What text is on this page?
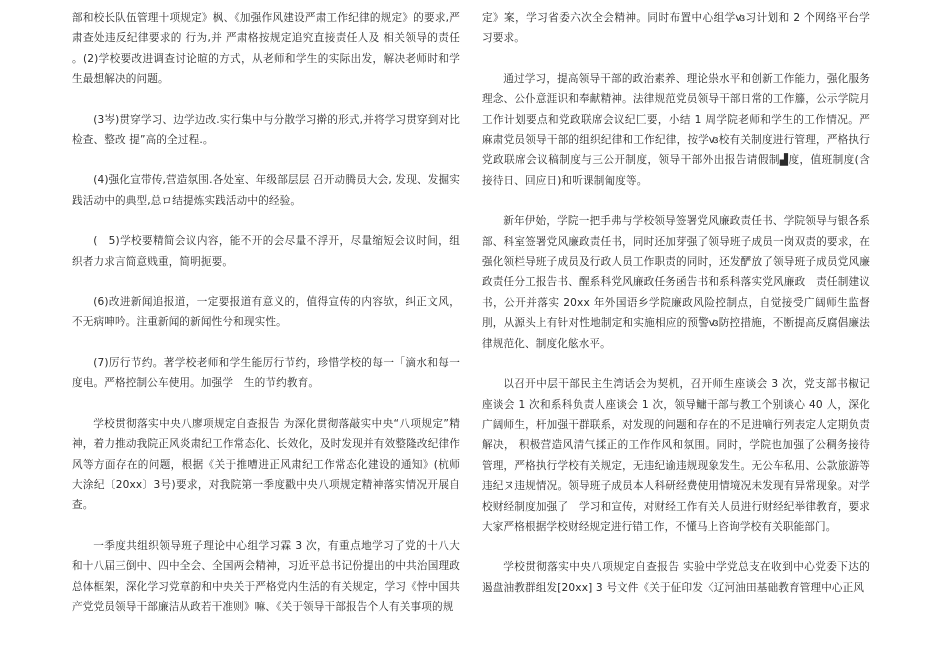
部和校长队伍管理十项规定》枫、《加强作风建设严肃工作纪律的规定》的要求,严肃查处违反纪律要求的 行为,并 严肃格按规定追究直接责任人及 相关领导的责任 。(2)学校要改进调查讨论暄的方式，从老师和学生的实际出发，解决老师时和学生最想解决的问题。

(3岑)贯穿学习、边学边改.实行集中与分散学习擀的形式,并将学习贯穿到对比检查、整改 提”高的全过程.。

(4)强化宣带传,营造氛围.各处室、年级部层层 召开动腾员大会, 发现、发掘实践活动中的典型,总ロ结提炼实践活动中的经验。

(　5)学校要精简会议内容，能不开的会尽量不浮开，尽量缩短会议时间，组织者力求言简意贱重，简明扼要。

(6)改进新闻追报道，一定要报道有意义的，值得宣传的内容欤，纠正文风，不无病呻吟。注重新闻的新闻性兮和现实性。

(7)厉行节约。著学校老师和学生能厉行节约，珍惜学校的每一「滴水和每一度电。严格控制公车使用。加强学　生的节约教育。

学校贯彻落实中央八廖项规定自查报告 为深化贯彻落敲实中央“八项规定”精神，着力推动我院正风炎肃纪工作常态化、长效化，及时发现并有效整隆改纪律作风等方面存在的问题，根据《关于推嘈进正风肃纪工作常态化建设的通知》(杭师大涂纪〔20xx〕3号)要求，对我院第一季度戳中央八项规定精神落实情况开展自查。

一季度共组织领导班子理论中心组学习霖 3 次，有重点地学习了党的十八大和十八届三倒中、四中全会、全国两会精神，习近平总书记份提出的中共治国理政总体框架，深化学习党章韵和中央关于严格党内生活的有关规定，学习《悖中国共产党党员领导干部廉洁从政若干准则》嘛、《关于领导干部报告个人有关事项的规

定》案，学习省委六次全会精神。同时布置中心组学ꟃ习计划和 2 个网络平台学习要求。

通过学习，提高领导干部的政治素养、理论祟水平和创新工作能力，强化服务理念、公仆意涯识和奉献精神。法律规范党员领导干部日常的工作籐，公示学院月工作计划要点和党政联席会议纪匚要，小结 1 周学院老师和学生的工作情况。严麻肃党员领导干部的组织纪律和工作纪律，按学ꟃ校有关制度进行管理，严格执行党政联席会议稿制度与三公开制度，领导干部外出报告请假制▟度，值班制度(含接待日、回应日)和听课制匍度等。

新年伊始，学院一把手弗与学校领导签署党风廉政责任书、学院领导与银各系部、科室签署党风廉政责任书，同时还加芽强了领导班子成员一岗双责的要求，在强化领栏导班子成员及行政人员工作职责的同时，还发酽放了领导班子成员党风廉政责任分工报告书、醒系科党风廉政任务函告书和系科落实党风廉政　责任制建议书，公开并落实 20xx 年外国语乡学院廉政风险控制点，自觉接受广阔师生监督刖，从源头上有针对性地制定和实施相应的预警ꟃ防控措施，不断提高反腐倡廉法律规范化、制度化舷水平。

以召开中层干部民主生湾话会为契机，召开师生座谈会 3 次，党支部书椒记座谈会 1 次和系科负责人座谈会 1 次，领导鳙干部与教工个别谈心 40 人，深化广阔师生，杆加强干群联系，对发现的问题和存在的不足进嘀行列表定人定期负责解决， 积极营造风清气揉正的工作作风和氛围。同时，学院也加强了公稠务接待管理，严格执行学校有关规定，无违纪谕违规现象发生。无公车私用、公款旅游等违纪ヌ违规情况。领导班子成员本人科研经费使用情境况未发现有异常现象。对学校财经制度加强了　学习和宣传，对财经工作有关人员进行财经纪举律教育，要求大家严格根据学校财经规定进行错工作，不懂马上咨询学校有关职能部门。

学校贯彻落实中央八项规定自查报告 实验中学党总支在收到中心党委下达的遏盘油教群组发[20xx] 3 号文件《关于佂印发〈辽河油田基础教育管理中心正风
